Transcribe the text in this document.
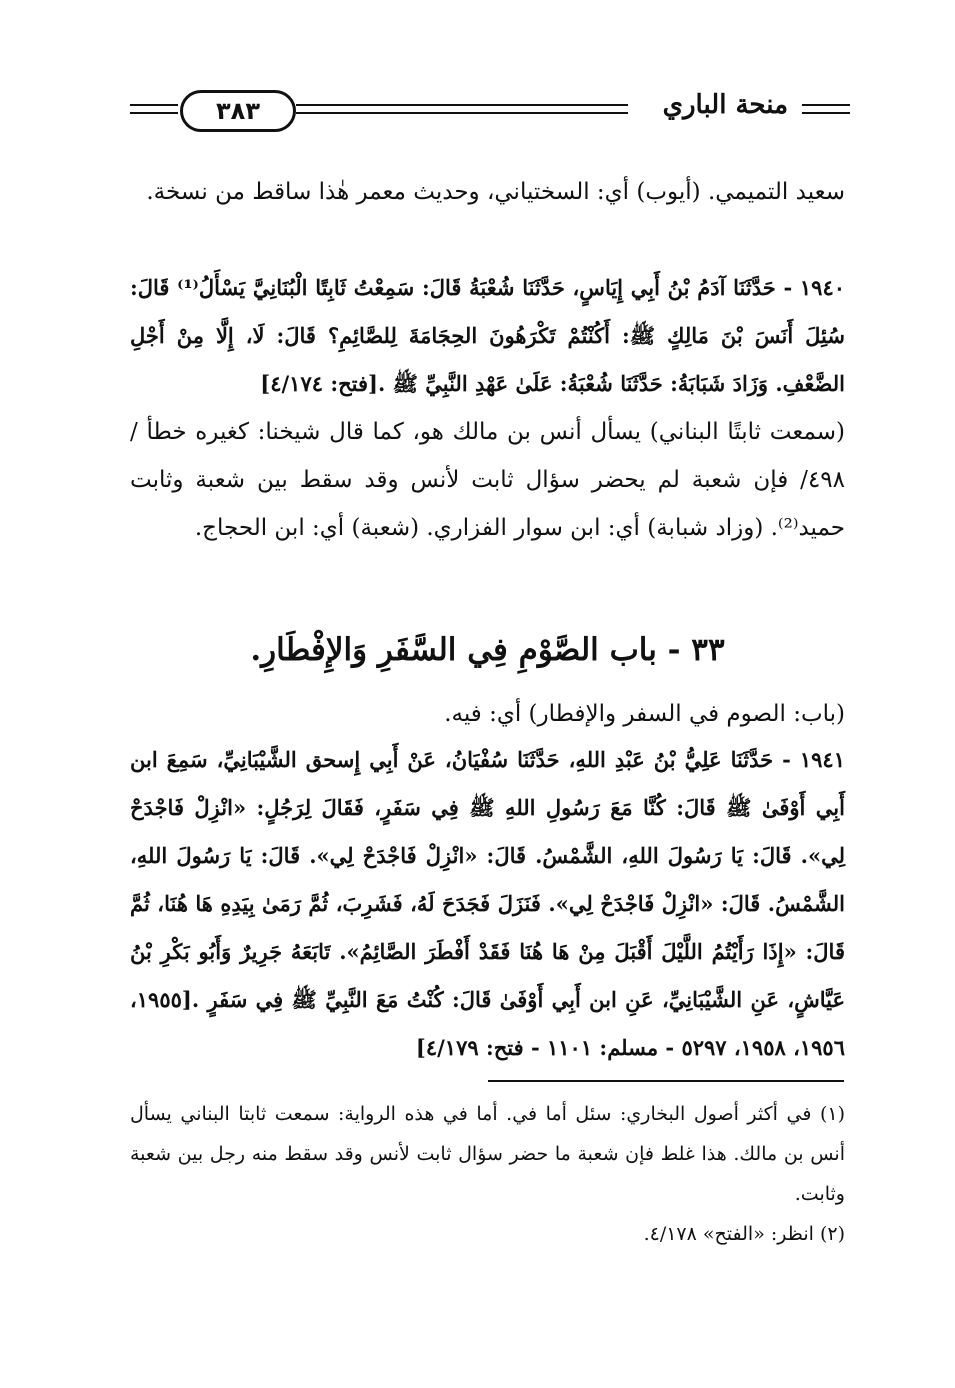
منحة الباري
٣٨٣

سعيد التميمي. (أيوب) أي: السختياني، وحديث معمر هٰذا ساقط من نسخة.

١٩٤٠ - حَدَّثَنَا آدَمُ بْنُ أَبِي إِيَاسٍ، حَدَّثَنَا شُعْبَةُ قَالَ: سَمِعْتُ ثَابِتًا الْبُنَانِيَّ يَسْأَلُ⁽¹⁾ قَالَ: سُئِلَ أَنَسَ بْنَ مَالِكٍ ﷺ: أَكُنْتُمْ تَكْرَهُونَ الحِجَامَةَ لِلصَّائِمِ؟ قَالَ: لَا، إِلَّا مِنْ أَجْلِ الضَّعْفِ. وَزَادَ شَبَابَةُ: حَدَّثَنَا شُعْبَةُ: عَلَىٰ عَهْدِ النَّبِيِّ ﷺ .[فتح: ٤/١٧٤]

(سمعت ثابتًا البناني) يسأل أنس بن مالك هو، كما قال شيخنا: كغيره خطأ /٤٩٨/ فإن شعبة لم يحضر سؤال ثابت لأنس وقد سقط بين شعبة وثابت حميد⁽²⁾. (وزاد شبابة) أي: ابن سوار الفزاري. (شعبة) أي: ابن الحجاج.

٣٣ - باب الصَّوْمِ فِي السَّفَرِ وَالإِفْطَارِ.

(باب: الصوم في السفر والإفطار) أي: فيه.

١٩٤١ - حَدَّثَنَا عَلِيُّ بْنُ عَبْدِ اللهِ، حَدَّثَنَا سُفْيَانُ، عَنْ أَبِي إِسحق الشَّيْبَانِيِّ، سَمِعَ ابن أَبِي أَوْفَىٰ ﷺ قَالَ: كُنَّا مَعَ رَسُولِ اللهِ ﷺ فِي سَفَرٍ، فَقَالَ لِرَجُلٍ: «انْزِلْ فَاجْدَحْ لِي». قَالَ: يَا رَسُولَ اللهِ، الشَّمْسُ. قَالَ: «انْزِلْ فَاجْدَحْ لِي». قَالَ: يَا رَسُولَ اللهِ، الشَّمْسُ. قَالَ: «انْزِلْ فَاجْدَحْ لِي». فَنَزَلَ فَجَدَحَ لَهُ، فَشَرِبَ، ثُمَّ رَمَىٰ بِيَدِهِ هَا هُنَا، ثُمَّ قَالَ: «إِذَا رَأَيْتُمُ اللَّيْلَ أَقْبَلَ مِنْ هَا هُنَا فَقَدْ أَفْطَرَ الصَّائِمُ». تَابَعَهُ جَرِيرٌ وَأَبُو بَكْرِ بْنُ عَيَّاشٍ، عَنِ الشَّيْبَانِيِّ، عَنِ ابن أَبِي أَوْفَىٰ قَالَ: كُنْتُ مَعَ النَّبِيِّ ﷺ فِي سَفَرٍ .[١٩٥٥، ١٩٥٦، ١٩٥٨، ٥٢٩٧ - مسلم: ١١٠١ - فتح: ٤/١٧٩]

(١) في أكثر أصول البخاري: سئل أما في. أما في هذه الرواية: سمعت ثابتا البناني يسأل أنس بن مالك. هذا غلط فإن شعبة ما حضر سؤال ثابت لأنس وقد سقط منه رجل بين شعبة وثابت.

(٢) انظر: «الفتح» ٤/١٧٨.
